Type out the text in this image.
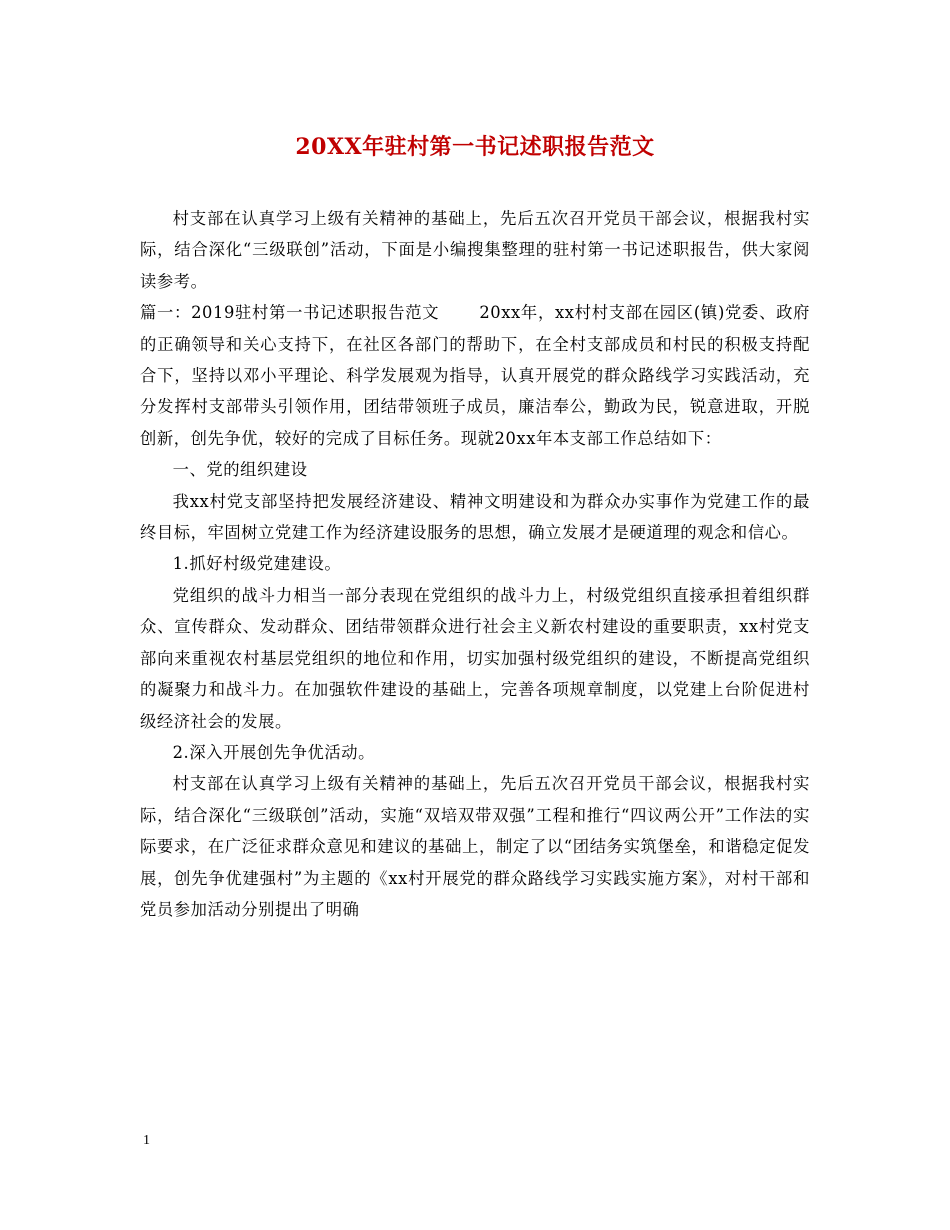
20XX年驻村第一书记述职报告范文

村支部在认真学习上级有关精神的基础上，先后五次召开党员干部会议，根据我村实际，结合深化“三级联创”活动，下面是小编搜集整理的驻村第一书记述职报告，供大家阅读参考。

篇一：2019驻村第一书记述职报告范文 20xx年，xx村村支部在园区(镇)党委、政府的正确领导和关心支持下，在社区各部门的帮助下，在全村支部成员和村民的积极支持配合下，坚持以邓小平理论、科学发展观为指导，认真开展党的群众路线学习实践活动，充分发挥村支部带头引领作用，团结带领班子成员，廉洁奉公，勤政为民，锐意进取，开脱创新，创先争优，较好的完成了目标任务。现就20xx年本支部工作总结如下：

一、党的组织建设

我xx村党支部坚持把发展经济建设、精神文明建设和为群众办实事作为党建工作的最终目标，牢固树立党建工作为经济建设服务的思想，确立发展才是硬道理的观念和信心。

1.抓好村级党建建设。

党组织的战斗力相当一部分表现在党组织的战斗力上，村级党组织直接承担着组织群众、宣传群众、发动群众、团结带领群众进行社会主义新农村建设的重要职责，xx村党支部向来重视农村基层党组织的地位和作用，切实加强村级党组织的建设，不断提高党组织的凝聚力和战斗力。在加强软件建设的基础上，完善各项规章制度，以党建上台阶促进村级经济社会的发展。

2.深入开展创先争优活动。

村支部在认真学习上级有关精神的基础上，先后五次召开党员干部会议，根据我村实际，结合深化“三级联创”活动，实施“双培双带双强”工程和推行“四议两公开”工作法的实际要求，在广泛征求群众意见和建议的基础上，制定了以“团结务实筑堡垒，和谐稳定促发展，创先争优建强村”为主题的《xx村开展党的群众路线学习实践实施方案》，对村干部和党员参加活动分别提出了明确

1
